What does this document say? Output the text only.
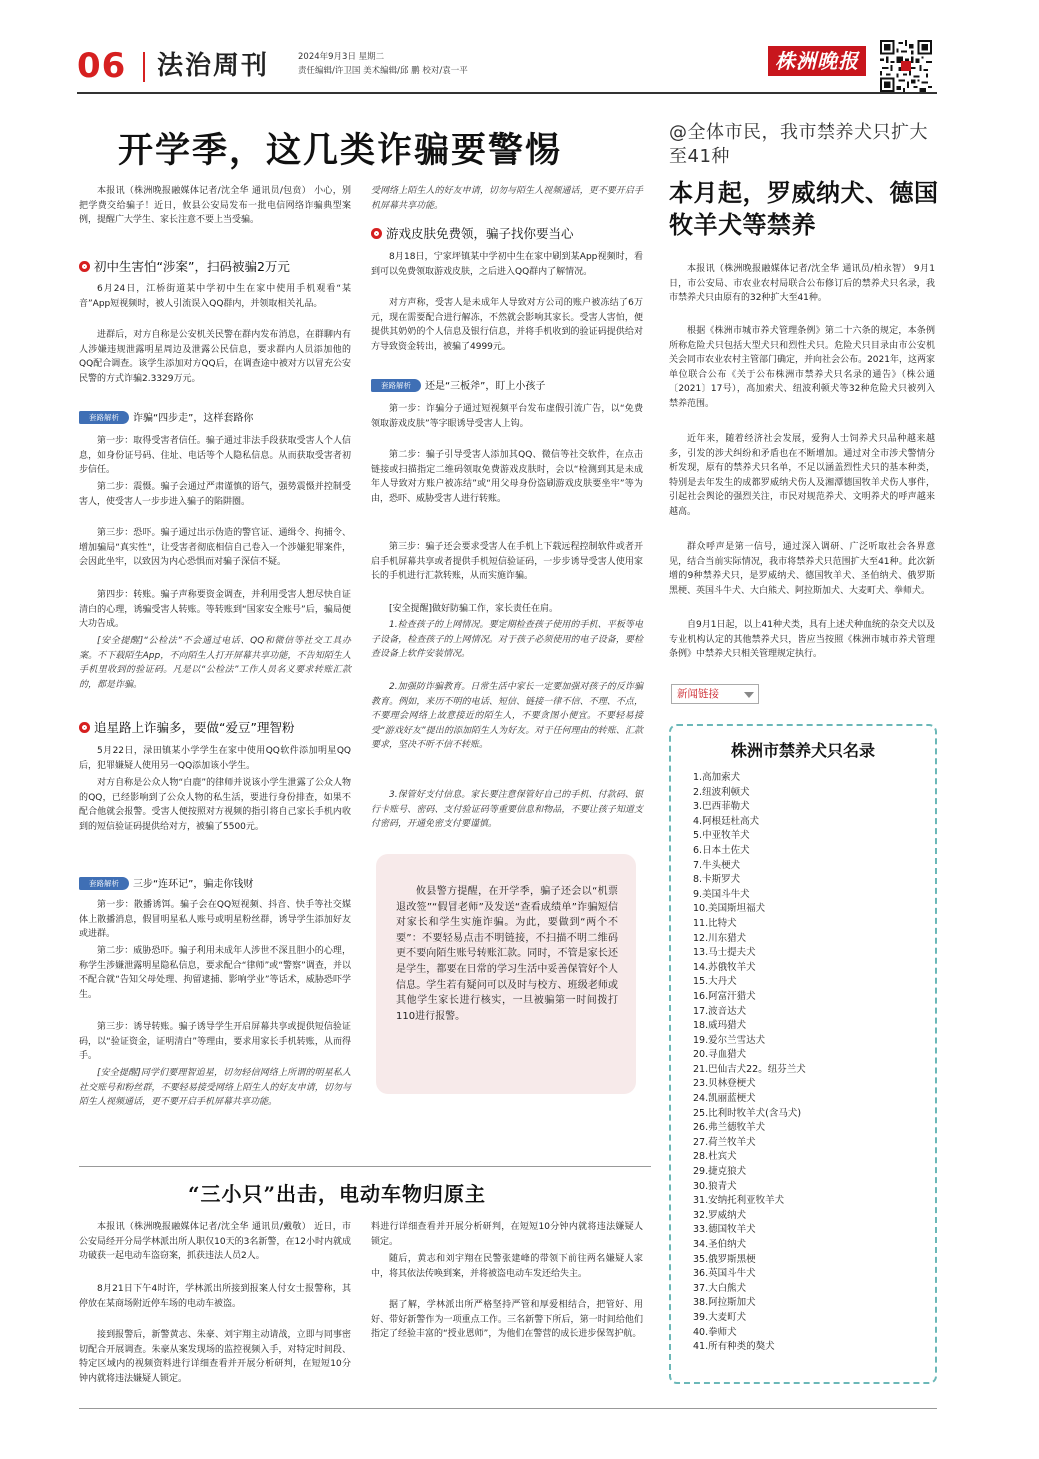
06 法治周刊	2024年9月3日 星期二
责任编辑/许卫国 美术编辑/邱 鹏 校对/袁一平	株洲晚报
开学季，这几类诈骗要警惕
本报讯（株洲晚报融媒体记者/沈全华 通讯员/包贲） 小心，别把学费交给骗子！近日，攸县公安局发布一批电信网络诈骗典型案例，提醒广大学生、家长注意不要上当受骗。
初中生害怕“涉案”，扫码被骗2万元
6月24日，江桥街道某中学初中生在家中使用手机观看“某音”App短视频时，被人引流误入QQ群内，并领取相关礼品。
进群后，对方自称是公安机关民警在群内发布消息，在群聊内有人涉嫌违规泄露明星周边及泄露公民信息，要求群内人员添加他的QQ配合调查。该学生添加对方QQ后，在调查途中被对方以冒充公安民警的方式诈骗2.3329万元。
套路解析 诈骗“四步走”，这样套路你
第一步：取得受害者信任。骗子通过非法手段获取受害人个人信息，如身份证号码、住址、电话等个人隐私信息。从而获取受害者初步信任。
第二步：震慑。骗子会通过严肃谨慎的语气，强势震慑并控制受害人，使受害人一步步进入骗子的陷阱圈。
第三步：恐吓。骗子通过出示伪造的警官证、通缉令、拘捕令、增加骗局“真实性”，让受害者彻底相信自己卷入一个涉嫌犯罪案件，会因此坐牢，以致因为内心恐惧而对骗子深信不疑。
第四步：转账。骗子声称要资金调查，并利用受害人想尽快自证清白的心理，诱骗受害人转账。等转账到“国家安全账号”后，骗局便大功告成。
[安全提醒]“公检法”不会通过电话、QQ和微信等社交工具办案。不下载陌生App，不向陌生人打开屏幕共享功能，不告知陌生人手机里收到的验证码。凡是以“公检法”工作人员名义要求转账汇款的，都是诈骗。
追星路上诈骗多，要做“爱豆”理智粉
5月22日，渌田镇某小学学生在家中使用QQ软件添加明星QQ后，犯罪嫌疑人使用另一QQ添加该小学生。
对方自称是公众人物“白鹿”的律师并说该小学生泄露了公众人物的QQ，已经影响到了公众人物的私生活，要进行身份排查，如果不配合他就会报警。受害人便按照对方视频的指引将自己家长手机内收到的短信验证码提供给对方，被骗了5500元。
套路解析 三步“连环记”，骗走你钱财
第一步：散播诱饵。骗子会在QQ短视频、抖音、快手等社交媒体上散播消息，假冒明星私人账号或明星粉丝群，诱导学生添加好友或进群。
第二步：威胁恐吓。骗子利用未成年人涉世不深且胆小的心理，称学生涉嫌泄露明星隐私信息，要求配合“律师”或“警察”调查，并以不配合就“告知父母处理、拘留逮捕、影响学业”等话术，威胁恐吓学生。
第三步：诱导转账。骗子诱导学生开启屏幕共享或提供短信验证码，以“验证资金，证明清白”等理由，要求用家长手机转账，从而得手。
[安全提醒]同学们要理智追星，切勿轻信网络上所谓的明星私人社交账号和粉丝群，不要轻易接受网络上陌生人的好友申请，切勿与陌生人视频通话，更不要开启手机屏幕共享功能。
受网络上陌生人的好友申请，切勿与陌生人视频通话，更不要开启手机屏幕共享功能。
游戏皮肤免费领，骗子找你要当心
8月18日，宁家坪镇某中学初中生在家中刷到某App视频时，看到可以免费领取游戏皮肤，之后进入QQ群内了解情况。
对方声称，受害人是未成年人导致对方公司的账户被冻结了6万元，现在需要配合进行解冻，不然就会影响其家长。受害人害怕，便提供其奶奶的个人信息及银行信息，并将手机收到的验证码提供给对方导致资金转出，被骗了4999元。
套路解析 还是“三板斧”，盯上小孩子
第一步：诈骗分子通过短视频平台发布虚假引流广告，以“免费领取游戏皮肤”等字眼诱导受害人上钩。
第二步：骗子引导受害人添加其QQ、微信等社交软件，在点击链接或扫描指定二维码领取免费游戏皮肤时，会以“检测到其是未成年人导致对方账户被冻结”或“用父母身份盗刷游戏皮肤要坐牢”等为由，恐吓、威胁受害人进行转账。
第三步：骗子还会要求受害人在手机上下载远程控制软件或者开启手机屏幕共享或者提供手机短信验证码，一步步诱导受害人使用家长的手机进行汇款转账，从而实施诈骗。
[安全提醒]做好防骗工作，家长责任在肩。
1.检查孩子的上网情况。要定期检查孩子使用的手机、平板等电子设备，检查孩子的上网情况。对于孩子必须使用的电子设备，要检查设备上软件安装情况。
2.加强防诈骗教育。日常生活中家长一定要加强对孩子的反诈骗教育。例如，来历不明的电话、短信、链接一律不信、不理、不点，不要理会网络上故意接近的陌生人，不要贪图小便宜。不要轻易接受“游戏好友”提出的添加陌生人为好友。对于任何理由的转账、汇款要求，坚决不听不信不转账。
3.保管好支付信息。家长要注意保管好自己的手机、付款码、银行卡账号、密码、支付验证码等重要信息和物品，不要让孩子知道支付密码，开通免密支付要谨慎。
攸县警方提醒，在开学季，骗子还会以“机票退改签”“假冒老师”及发送“查看成绩单”诈骗短信对家长和学生实施诈骗。为此，要做到“两个不要”：不要轻易点击不明链接，不扫描不明二维码更不要向陌生账号转账汇款。同时，不管是家长还是学生，都要在日常的学习生活中妥善保管好个人信息。学生若有疑问可以及时与校方、班级老师或其他学生家长进行核实，一旦被骗第一时间拨打110进行报警。
@全体市民，我市禁养犬只扩大至41种
本月起，罗威纳犬、德国牧羊犬等禁养
本报讯（株洲晚报融媒体记者/沈全华 通讯员/柏永智） 9月1日，市公安局、市农业农村局联合公布修订后的禁养犬只名录，我市禁养犬只由原有的32种扩大至41种。
根据《株洲市城市养犬管理条例》第二十六条的规定，本条例所称危险犬只包括大型犬只和烈性犬只。危险犬只目录由市公安机关会同市农业农村主管部门确定，并向社会公布。2021年，这两家单位联合公布《关于公布株洲市禁养犬只名录的通告》（株公通〔2021〕17号），高加索犬、纽波利顿犬等32种危险犬只被列入禁养范围。
近年来，随着经济社会发展，爱狗人士饲养犬只品种越来越多，引发的涉犬纠纷和矛盾也在不断增加。通过对全市涉犬警情分析发现，原有的禁养犬只名单，不足以涵盖烈性犬只的基本种类，特别是去年发生的成都罗威纳犬伤人及湘潭德国牧羊犬伤人事件，引起社会舆论的强烈关注，市民对规范养犬、文明养犬的呼声越来越高。
群众呼声是第一信号，通过深入调研、广泛听取社会各界意见，结合当前实际情况，我市将禁养犬只范围扩大至41种。此次新增的9种禁养犬只，是罗威纳犬、德国牧羊犬、圣伯纳犬、俄罗斯黑梗、英国斗牛犬、大白熊犬、阿拉斯加犬、大麦町犬、拳师犬。
自9月1日起，以上41种犬类，具有上述犬种血统的杂交犬以及专业机构认定的其他禁养犬只，皆应当按照《株洲市城市养犬管理条例》中禁养犬只相关管理规定执行。
新闻链接
株洲市禁养犬只名录
1.高加索犬
2.纽波利顿犬
3.巴西菲勒犬
4.阿根廷杜高犬
5.中亚牧羊犬
6.日本土佐犬
7.牛头梗犬
8.卡斯罗犬
9.美国斗牛犬
10.美国斯坦福犬
11.比特犬
12.川东猎犬
13.马士提夫犬
14.苏俄牧羊犬
15.大丹犬
16.阿富汗猎犬
17.波音达犬
18.威玛猎犬
19.爱尔兰雪达犬
20.寻血猎犬
21.巴仙吉犬22。纽芬兰犬
23.贝林登梗犬
24.凯丽蓝梗犬
25.比利时牧羊犬(含马犬)
26.弗兰德牧羊犬
27.荷兰牧羊犬
28.杜宾犬
29.捷克狼犬
30.狼青犬
31.安纳托利亚牧羊犬
32.罗威纳犬
33.德国牧羊犬
34.圣伯纳犬
35.俄罗斯黑梗
36.英国斗牛犬
37.大白熊犬
38.阿拉斯加犬
39.大麦町犬
40.拳师犬
41.所有种类的獒犬
“三小只”出击，电动车物归原主
本报讯（株洲晚报融媒体记者/沈全华 通讯员/戴敬） 近日，市公安局经开分局学林派出所人职仅10天的3名新警，在12小时内就成功破获一起电动车盗窃案，抓获违法人员2人。
8月21日下午4时许，学林派出所接到报案人付女士报警称，其停放在某商场附近停车场的电动车被盗。
接到报警后，新警黄志、朱豪、刘宇翔主动请战，立即与同事密切配合开展调查。朱豪从案发现场的监控视频入手，对特定时间段、特定区域内的视频资料进行详细查看并开展分析研判，在短短10分钟内就将违法嫌疑人锁定。
料进行详细查看并开展分析研判，在短短10分钟内就将违法嫌疑人锁定。
随后，黄志和刘宇翔在民警张建峰的带领下前往两名嫌疑人家中，将其依法传唤到案，并将被盗电动车发还给失主。
据了解，学林派出所严格坚持严管和厚爱相结合，把管好、用好、带好新警作为一项重点工作。三名新警下所后，第一时间给他们指定了经验丰富的“授业恩师”，为他们在警营的成长进步保驾护航。
